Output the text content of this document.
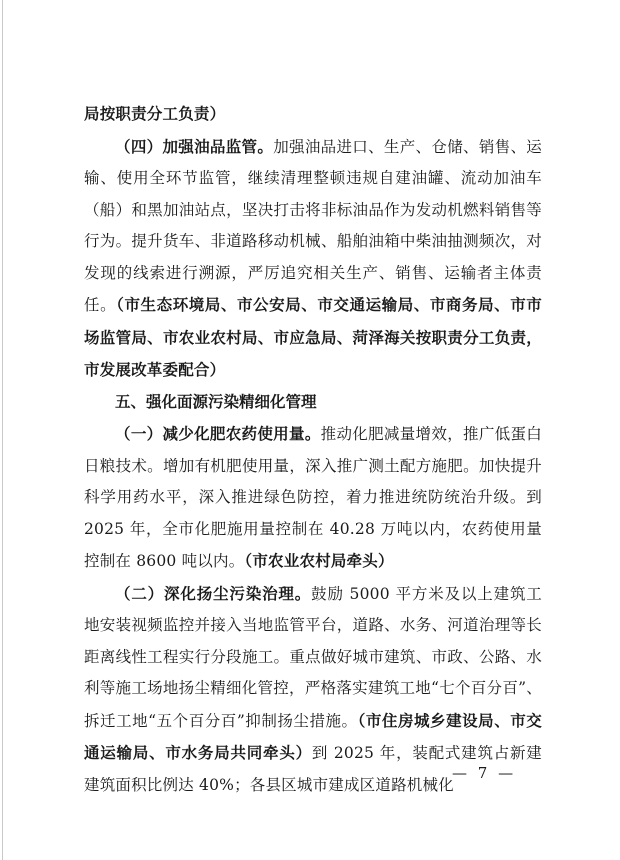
局按职责分工负责）

（四）加强油品监管。加强油品进口、生产、仓储、销售、运输、使用全环节监管，继续清理整顿违规自建油罐、流动加油车（船）和黑加油站点，坚决打击将非标油品作为发动机燃料销售等行为。提升货车、非道路移动机械、船舶油箱中柴油抽测频次，对发现的线索进行溯源，严厉追究相关生产、销售、运输者主体责任。（市生态环境局、市公安局、市交通运输局、市商务局、市市场监管局、市农业农村局、市应急局、菏泽海关按职责分工负责，市发展改革委配合）

五、强化面源污染精细化管理

（一）减少化肥农药使用量。推动化肥减量增效，推广低蛋白日粮技术。增加有机肥使用量，深入推广测土配方施肥。加快提升科学用药水平，深入推进绿色防控，着力推进统防统治升级。到 2025 年，全市化肥施用量控制在 40.28 万吨以内，农药使用量控制在 8600 吨以内。（市农业农村局牵头）

（二）深化扬尘污染治理。鼓励 5000 平方米及以上建筑工地安装视频监控并接入当地监管平台，道路、水务、河道治理等长距离线性工程实行分段施工。重点做好城市建筑、市政、公路、水利等施工场地扬尘精细化管控，严格落实建筑工地“七个百分百”、拆迁工地“五个百分百”抑制扬尘措施。（市住房城乡建设局、市交通运输局、市水务局共同牵头）到 2025 年，装配式建筑占新建建筑面积比例达 40%；各县区城市建成区道路机械化

— 7 —
